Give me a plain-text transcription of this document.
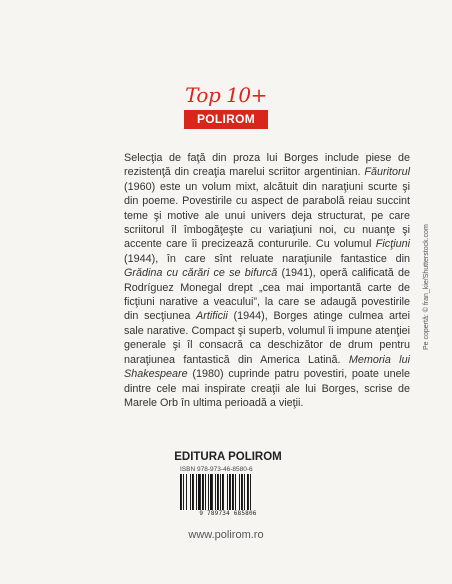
Top 10+
POLIROM

Selecţia de faţă din proza lui Borges include piese de rezistenţă din creaţia marelui scriitor argentinian. Făuritorul (1960) este un volum mixt, alcătuit din naraţiuni scurte şi din poeme. Povestirile cu aspect de parabolă reiau succint teme şi motive ale unui univers deja structurat, pe care scriitorul îl îmbogăţeşte cu variaţiuni noi, cu nuanţe şi accente care îi precizează contururile. Cu volumul Ficţiuni (1944), în care sînt reluate naraţiunile fantastice din Grădina cu cărări ce se bifurcă (1941), operă calificată de Rodríguez Monegal drept „cea mai importantă carte de ficţiuni narative a veacului”, la care se adaugă povestirile din secţiunea Artificii (1944), Borges atinge culmea artei sale narative. Compact şi superb, volumul îi impune atenţiei generale şi îl consacră ca deschizător de drum pentru naraţiunea fantastică din America Latină. Memoria lui Shakespeare (1980) cuprinde patru povestiri, poate unele dintre cele mai inspirate creaţii ale lui Borges, scrise de Marele Orb în ultima perioadă a vieţii.

Pe copertă: © fran_kie/Shutterstock.com
EDITURA POLIROM
ISBN 978-973-46-8580-6
9 789734 685806
www.polirom.ro
